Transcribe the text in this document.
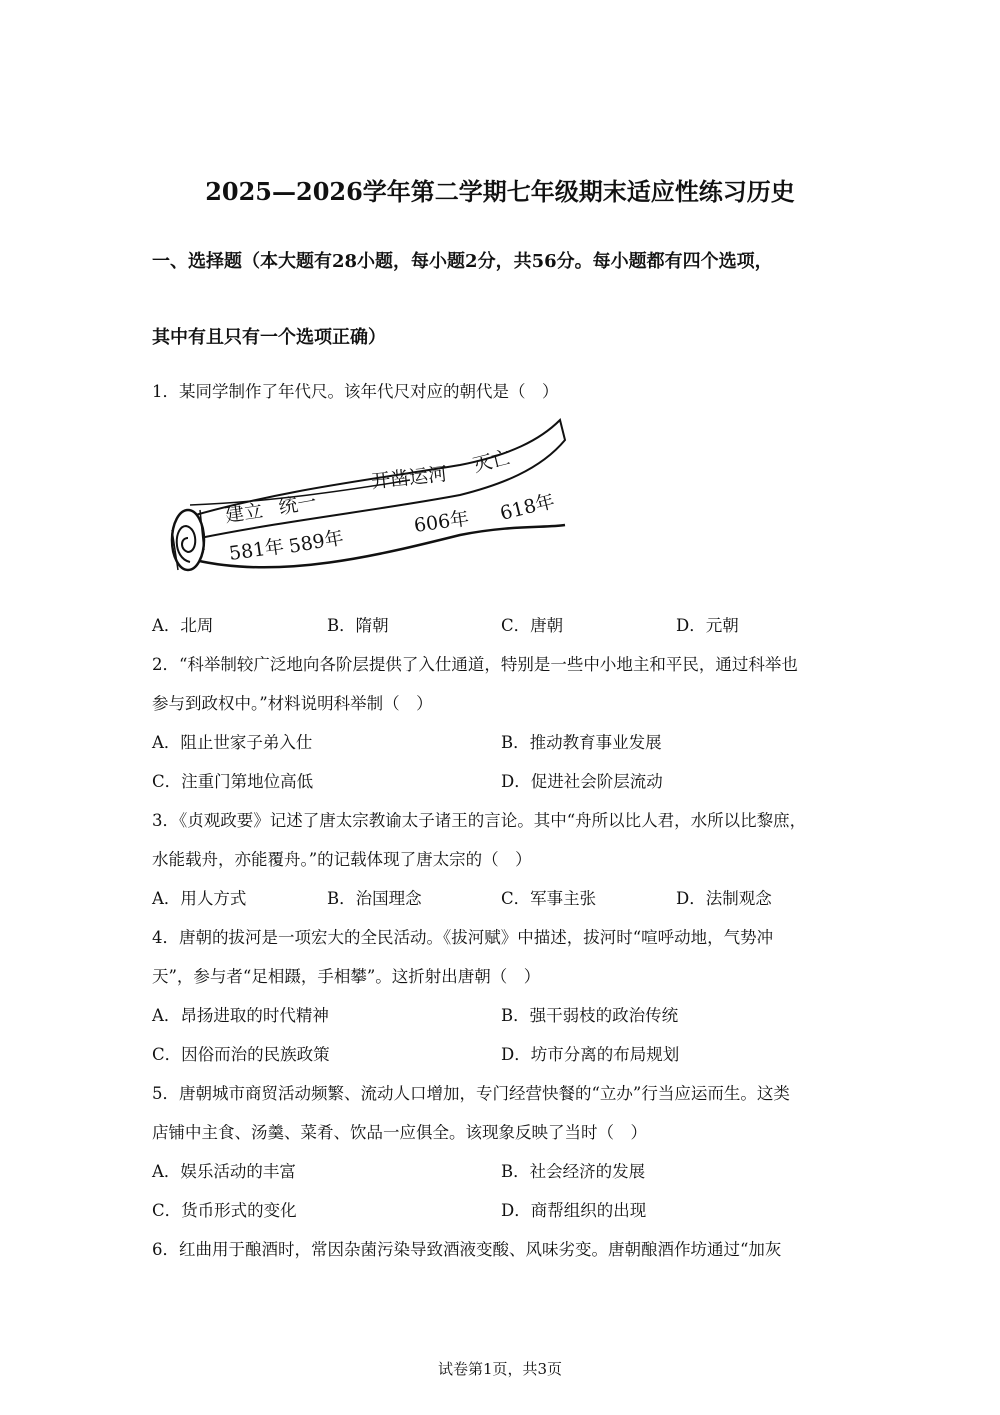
2025—2026学年第二学期七年级期末适应性练习历史
一、选择题（本大题有28小题，每小题2分，共56分。每小题都有四个选项，
其中有且只有一个选项正确）
1．某同学制作了年代尺。该年代尺对应的朝代是（　）
建立 统一
开凿运河
灭亡
581年 589年
606年 618年
A．北周	B．隋朝	C．唐朝	D．元朝
2．“科举制较广泛地向各阶层提供了入仕通道，特别是一些中小地主和平民，通过科举也
参与到政权中。”材料说明科举制（　）
A．阻止世家子弟入仕	B．推动教育事业发展
C．注重门第地位高低	D．促进社会阶层流动
3．《贞观政要》记述了唐太宗教谕太子诸王的言论。其中“舟所以比人君，水所以比黎庶，
水能载舟，亦能覆舟。”的记载体现了唐太宗的（　）
A．用人方式	B．治国理念	C．军事主张	D．法制观念
4．唐朝的拔河是一项宏大的全民活动。《拔河赋》中描述，拔河时“喧呼动地，气势冲
天”，参与者“足相蹑，手相攀”。这折射出唐朝（　）
A．昂扬进取的时代精神	B．强干弱枝的政治传统
C．因俗而治的民族政策	D．坊市分离的布局规划
5．唐朝城市商贸活动频繁、流动人口增加，专门经营快餐的“立办”行当应运而生。这类
店铺中主食、汤羹、菜肴、饮品一应俱全。该现象反映了当时（　）
A．娱乐活动的丰富	B．社会经济的发展
C．货币形式的变化	D．商帮组织的出现
6．红曲用于酿酒时，常因杂菌污染导致酒液变酸、风味劣变。唐朝酿酒作坊通过“加灰
试卷第1页，共3页
